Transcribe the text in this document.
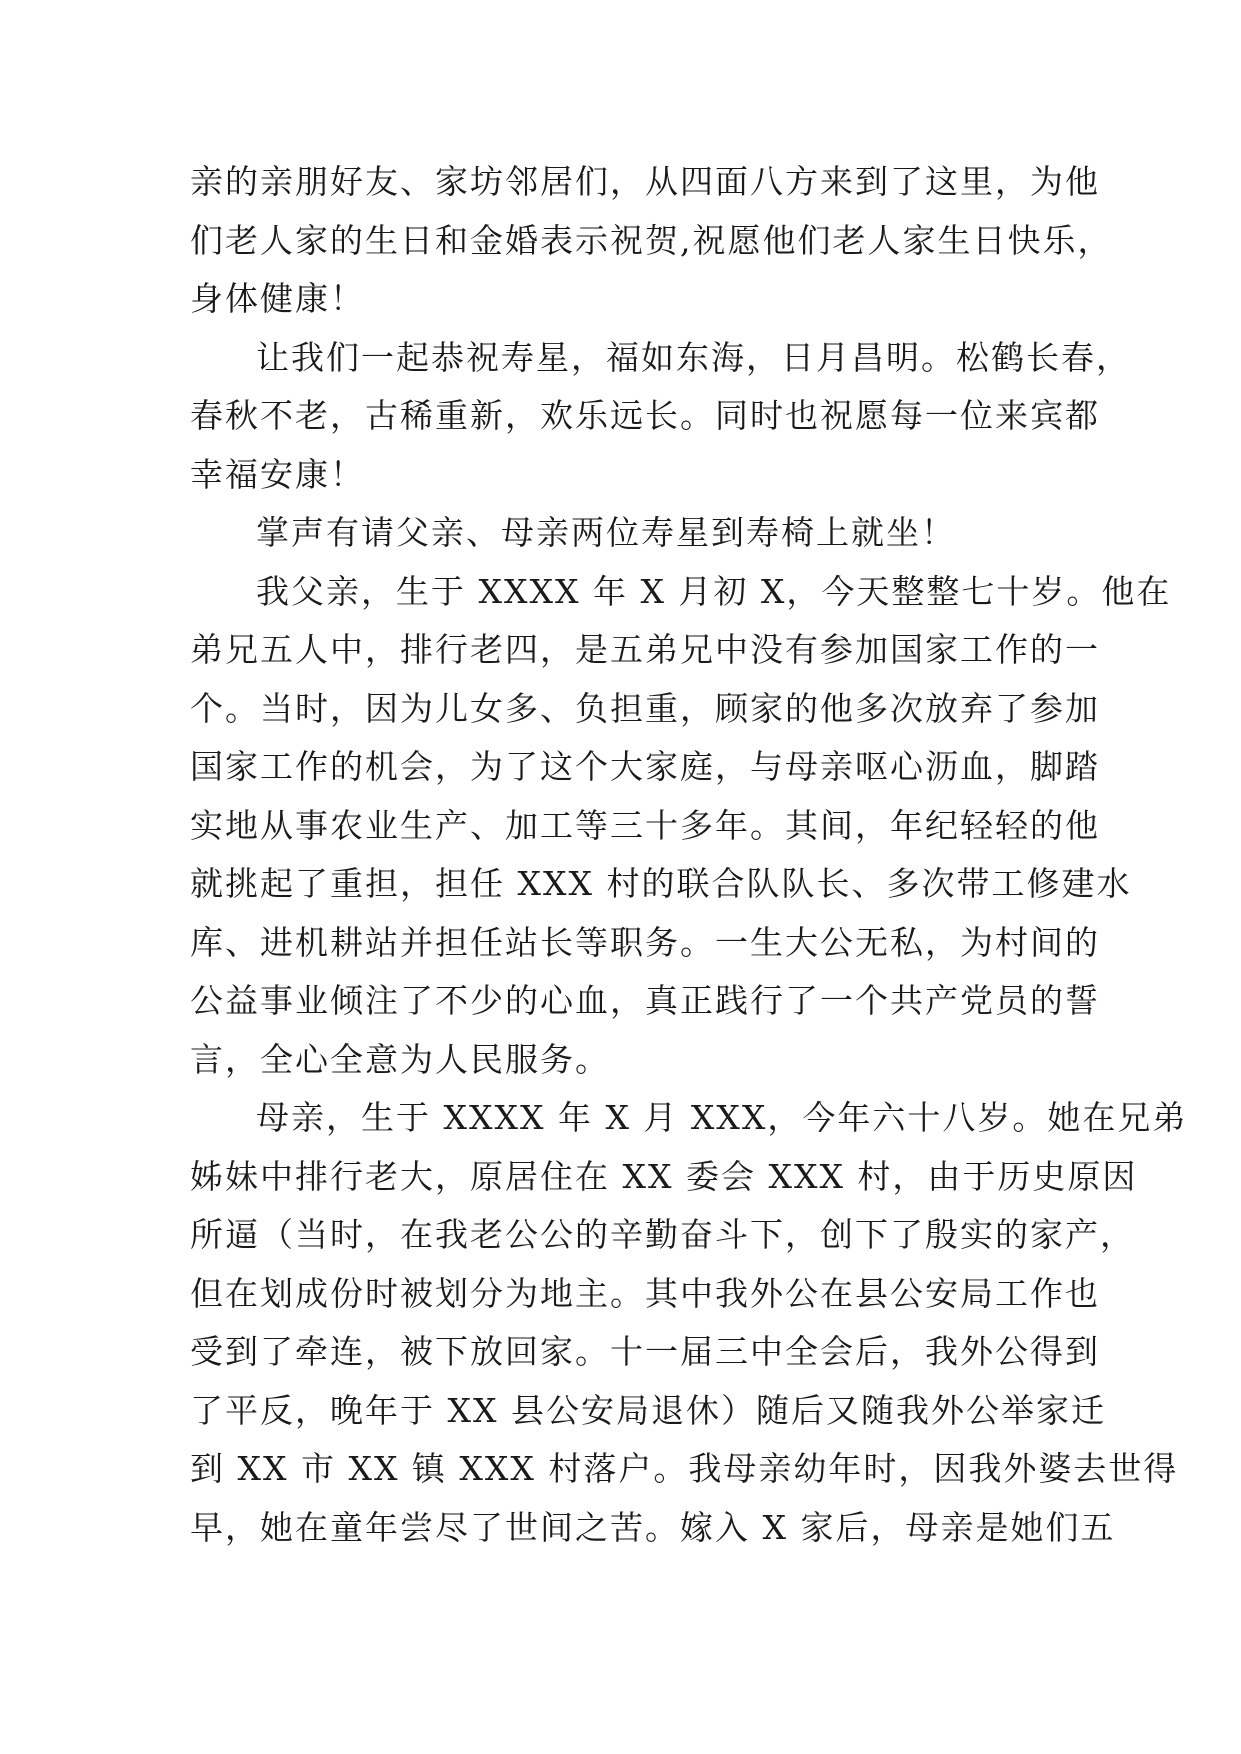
亲的亲朋好友、家坊邻居们，从四面八方来到了这里，为他
们老人家的生日和金婚表示祝贺,祝愿他们老人家生日快乐，
身体健康！
让我们一起恭祝寿星，福如东海，日月昌明。松鹤长春，
春秋不老，古稀重新，欢乐远长。同时也祝愿每一位来宾都
幸福安康！
掌声有请父亲、母亲两位寿星到寿椅上就坐！
我父亲，生于 XXXX 年 X 月初 X，今天整整七十岁。他在
弟兄五人中，排行老四，是五弟兄中没有参加国家工作的一
个。当时，因为儿女多、负担重，顾家的他多次放弃了参加
国家工作的机会，为了这个大家庭，与母亲呕心沥血，脚踏
实地从事农业生产、加工等三十多年。其间，年纪轻轻的他
就挑起了重担，担任 XXX 村的联合队队长、多次带工修建水
库、进机耕站并担任站长等职务。一生大公无私，为村间的
公益事业倾注了不少的心血，真正践行了一个共产党员的誓
言，全心全意为人民服务。
母亲，生于 XXXX 年 X 月 XXX，今年六十八岁。她在兄弟
姊妹中排行老大，原居住在 XX 委会 XXX 村，由于历史原因
所逼（当时，在我老公公的辛勤奋斗下，创下了殷实的家产，
但在划成份时被划分为地主。其中我外公在县公安局工作也
受到了牵连，被下放回家。十一届三中全会后，我外公得到
了平反，晚年于 XX 县公安局退休）随后又随我外公举家迁
到 XX 市 XX 镇 XXX 村落户。我母亲幼年时，因我外婆去世得
早，她在童年尝尽了世间之苦。嫁入 X 家后，母亲是她们五
